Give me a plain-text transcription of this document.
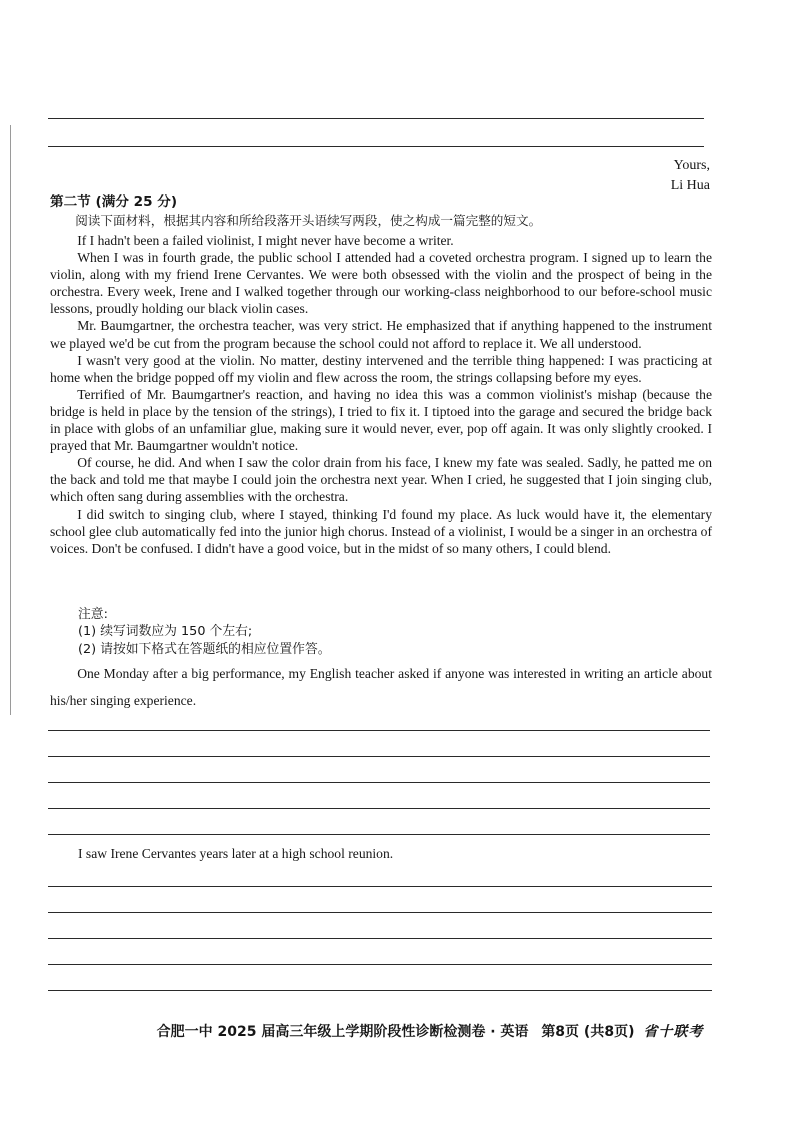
Yours,
Li Hua
第二节 (满分 25 分)

阅读下面材料，根据其内容和所给段落开头语续写两段，使之构成一篇完整的短文。

If I hadn't been a failed violinist, I might never have become a writer.

When I was in fourth grade, the public school I attended had a coveted orchestra program. I signed up to learn the violin, along with my friend Irene Cervantes. We were both obsessed with the violin and the prospect of being in the orchestra. Every week, Irene and I walked together through our working-class neighborhood to our before-school music lessons, proudly holding our black violin cases.

Mr. Baumgartner, the orchestra teacher, was very strict. He emphasized that if anything happened to the instrument we played we'd be cut from the program because the school could not afford to replace it. We all understood.

I wasn't very good at the violin. No matter, destiny intervened and the terrible thing happened: I was practicing at home when the bridge popped off my violin and flew across the room, the strings collapsing before my eyes.

Terrified of Mr. Baumgartner's reaction, and having no idea this was a common violinist's mishap (because the bridge is held in place by the tension of the strings), I tried to fix it. I tiptoed into the garage and secured the bridge back in place with globs of an unfamiliar glue, making sure it would never, ever, pop off again. It was only slightly crooked. I prayed that Mr. Baumgartner wouldn't notice.

Of course, he did. And when I saw the color drain from his face, I knew my fate was sealed. Sadly, he patted me on the back and told me that maybe I could join the orchestra next year. When I cried, he suggested that I join singing club, which often sang during assemblies with the orchestra.

I did switch to singing club, where I stayed, thinking I'd found my place. As luck would have it, the elementary school glee club automatically fed into the junior high chorus. Instead of a violinist, I would be a singer in an orchestra of voices. Don't be confused. I didn't have a good voice, but in the midst of so many others, I could blend.

注意:
(1) 续写词数应为 150 个左右;
(2) 请按如下格式在答题纸的相应位置作答。

One Monday after a big performance, my English teacher asked if anyone was interested in writing an article about his/her singing experience.

I saw Irene Cervantes years later at a high school reunion.
合肥一中 2025 届高三年级上学期阶段性诊断检测卷 · 英语 第8页 (共8页) 省十联考
